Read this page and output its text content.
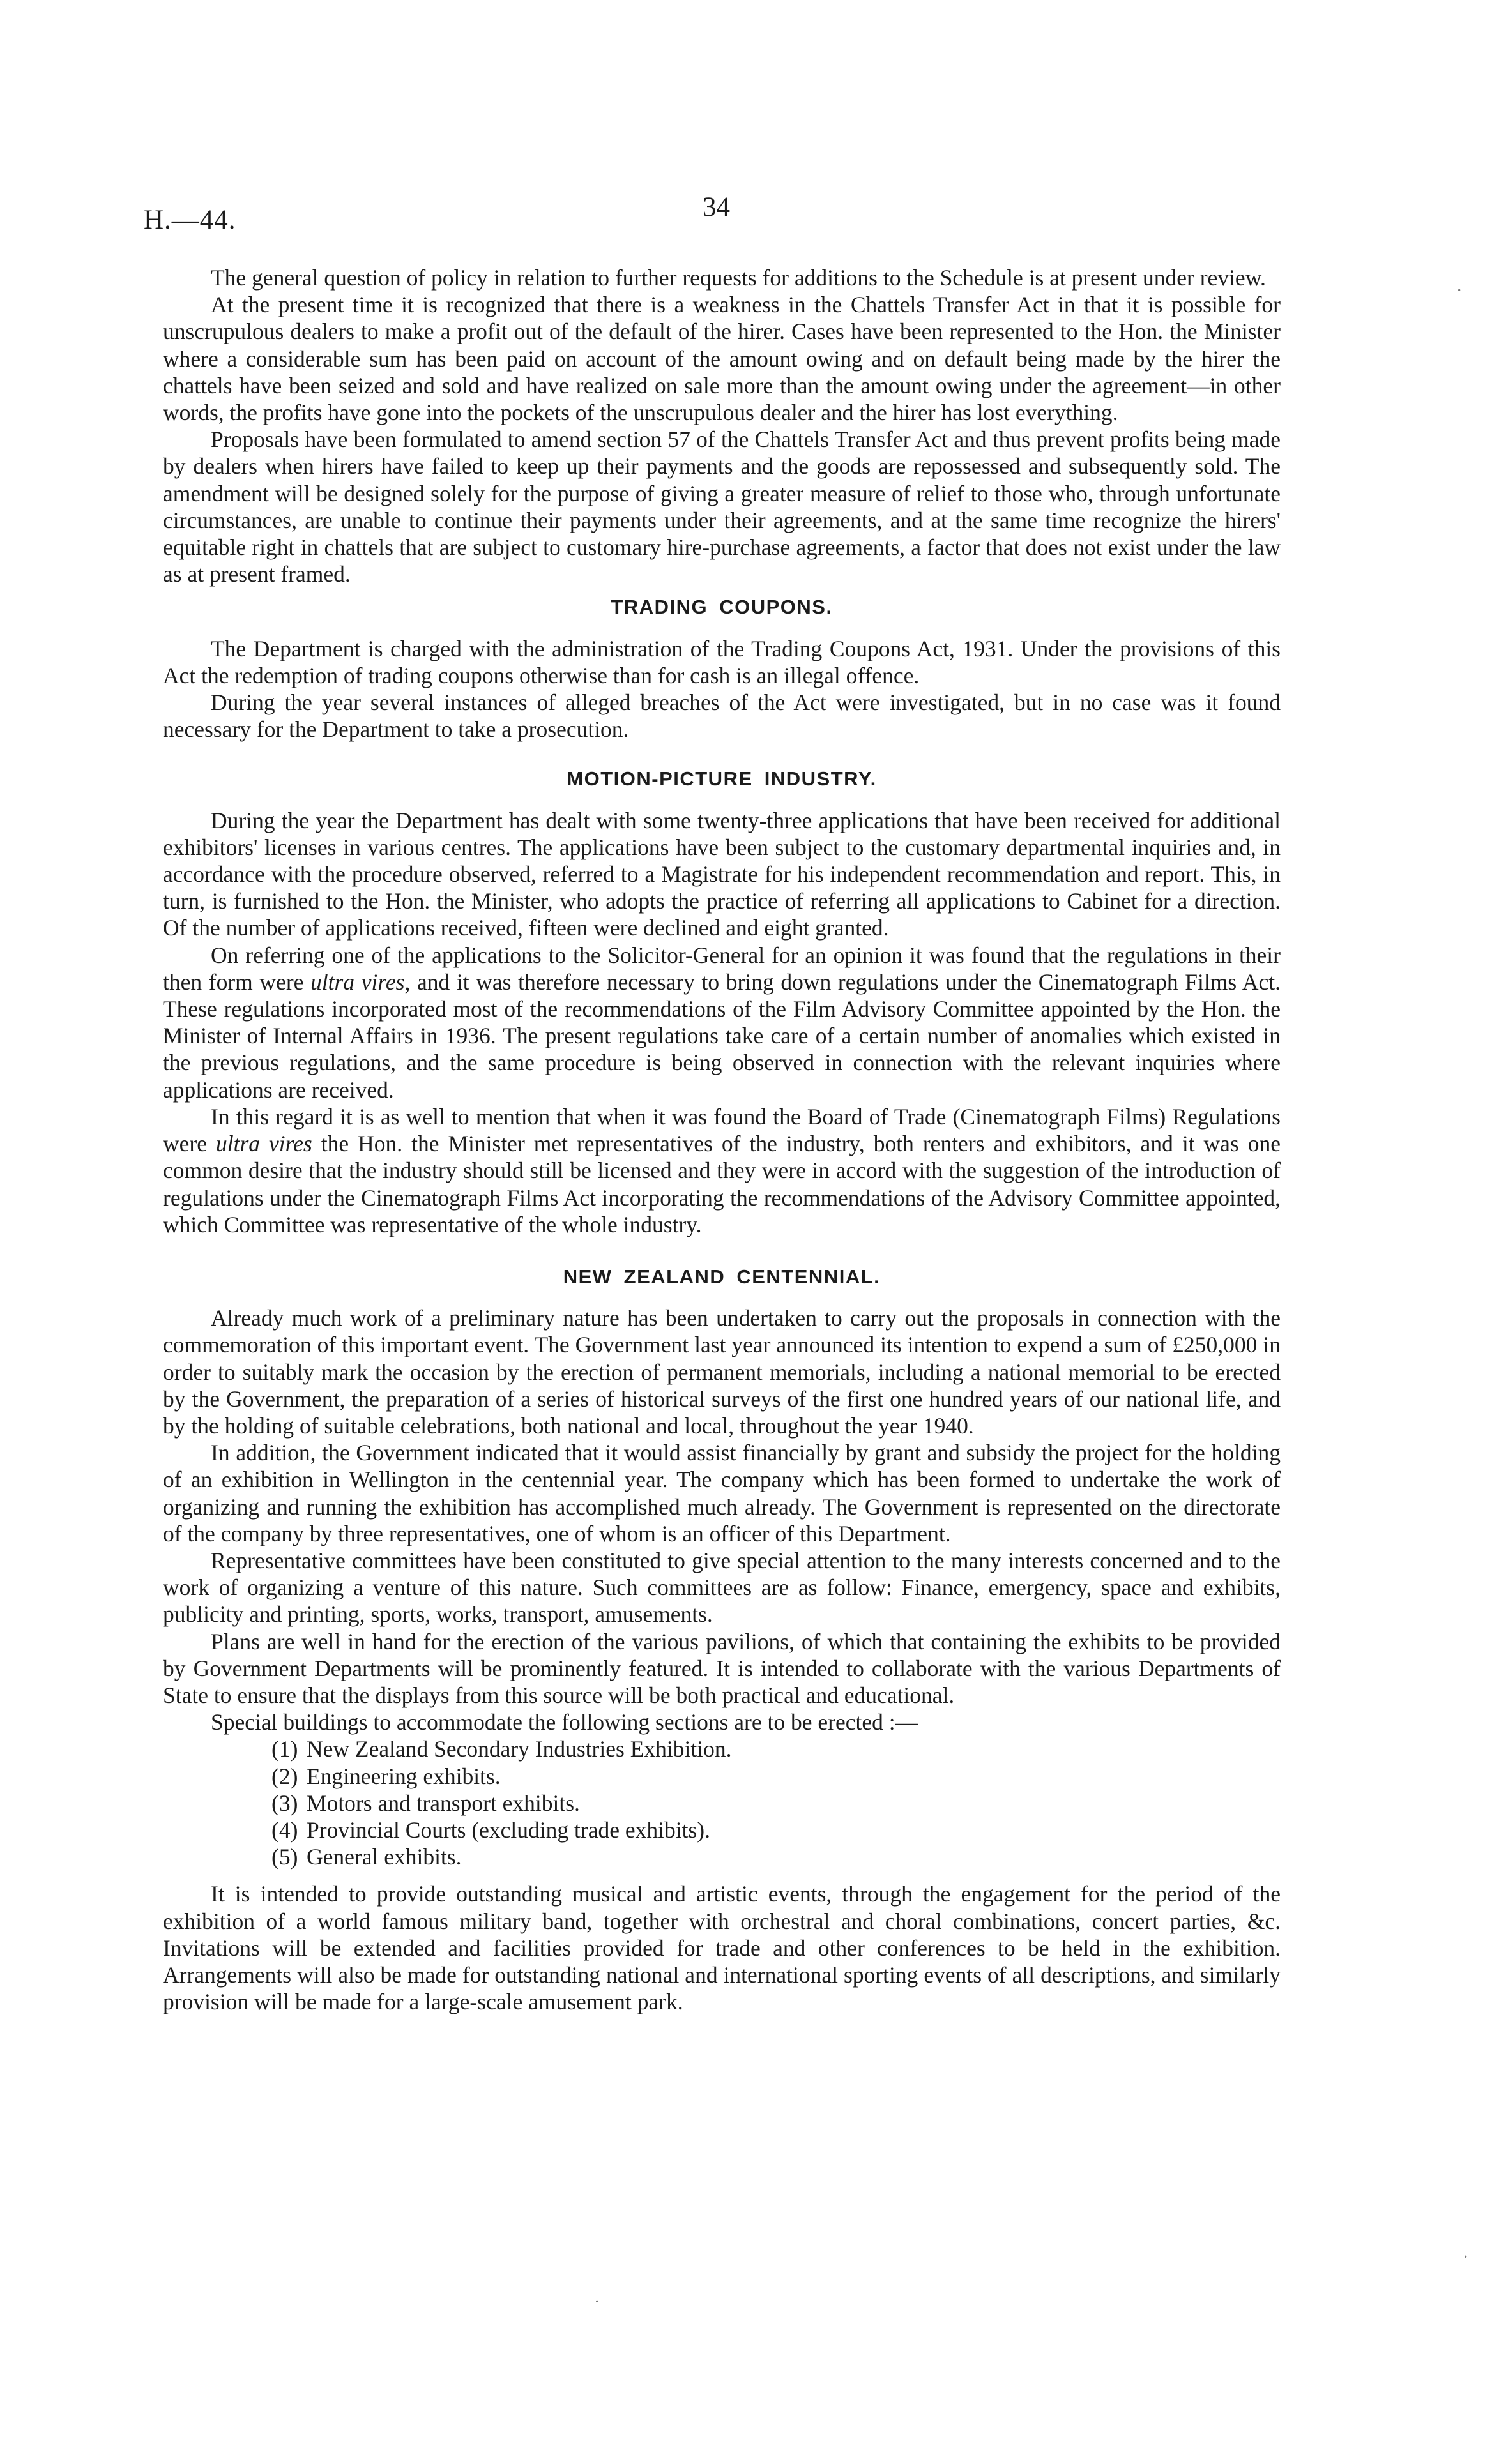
H.—44.	34

The general question of policy in relation to further requests for additions to the Schedule is at present under review.

At the present time it is recognized that there is a weakness in the Chattels Transfer Act in that it is possible for unscrupulous dealers to make a profit out of the default of the hirer. Cases have been represented to the Hon. the Minister where a considerable sum has been paid on account of the amount owing and on default being made by the hirer the chattels have been seized and sold and have realized on sale more than the amount owing under the agreement—in other words, the profits have gone into the pockets of the unscrupulous dealer and the hirer has lost everything.

Proposals have been formulated to amend section 57 of the Chattels Transfer Act and thus prevent profits being made by dealers when hirers have failed to keep up their payments and the goods are repossessed and subsequently sold. The amendment will be designed solely for the purpose of giving a greater measure of relief to those who, through unfortunate circumstances, are unable to continue their payments under their agreements, and at the same time recognize the hirers' equitable right in chattels that are subject to customary hire-purchase agreements, a factor that does not exist under the law as at present framed.

TRADING COUPONS.

The Department is charged with the administration of the Trading Coupons Act, 1931. Under the provisions of this Act the redemption of trading coupons otherwise than for cash is an illegal offence.

During the year several instances of alleged breaches of the Act were investigated, but in no case was it found necessary for the Department to take a prosecution.

MOTION-PICTURE INDUSTRY.

During the year the Department has dealt with some twenty-three applications that have been received for additional exhibitors' licenses in various centres. The applications have been subject to the customary departmental inquiries and, in accordance with the procedure observed, referred to a Magistrate for his independent recommendation and report. This, in turn, is furnished to the Hon. the Minister, who adopts the practice of referring all applications to Cabinet for a direction. Of the number of applications received, fifteen were declined and eight granted.

On referring one of the applications to the Solicitor-General for an opinion it was found that the regulations in their then form were ultra vires, and it was therefore necessary to bring down regulations under the Cinematograph Films Act. These regulations incorporated most of the recommendations of the Film Advisory Committee appointed by the Hon. the Minister of Internal Affairs in 1936. The present regulations take care of a certain number of anomalies which existed in the previous regulations, and the same procedure is being observed in connection with the relevant inquiries where applications are received.

In this regard it is as well to mention that when it was found the Board of Trade (Cinematograph Films) Regulations were ultra vires the Hon. the Minister met representatives of the industry, both renters and exhibitors, and it was one common desire that the industry should still be licensed and they were in accord with the suggestion of the introduction of regulations under the Cinematograph Films Act incorporating the recommendations of the Advisory Committee appointed, which Committee was representative of the whole industry.

NEW ZEALAND CENTENNIAL.

Already much work of a preliminary nature has been undertaken to carry out the proposals in connection with the commemoration of this important event. The Government last year announced its intention to expend a sum of £250,000 in order to suitably mark the occasion by the erection of permanent memorials, including a national memorial to be erected by the Government, the preparation of a series of historical surveys of the first one hundred years of our national life, and by the holding of suitable celebrations, both national and local, throughout the year 1940.

In addition, the Government indicated that it would assist financially by grant and subsidy the project for the holding of an exhibition in Wellington in the centennial year. The company which has been formed to undertake the work of organizing and running the exhibition has accomplished much already. The Government is represented on the directorate of the company by three representatives, one of whom is an officer of this Department.

Representative committees have been constituted to give special attention to the many interests concerned and to the work of organizing a venture of this nature. Such committees are as follow: Finance, emergency, space and exhibits, publicity and printing, sports, works, transport, amusements.

Plans are well in hand for the erection of the various pavilions, of which that containing the exhibits to be provided by Government Departments will be prominently featured. It is intended to collaborate with the various Departments of State to ensure that the displays from this source will be both practical and educational.

Special buildings to accommodate the following sections are to be erected :—

(1) New Zealand Secondary Industries Exhibition.
(2) Engineering exhibits.
(3) Motors and transport exhibits.
(4) Provincial Courts (excluding trade exhibits).
(5) General exhibits.

It is intended to provide outstanding musical and artistic events, through the engagement for the period of the exhibition of a world famous military band, together with orchestral and choral combinations, concert parties, &c. Invitations will be extended and facilities provided for trade and other conferences to be held in the exhibition. Arrangements will also be made for outstanding national and international sporting events of all descriptions, and similarly provision will be made for a large-scale amusement park.

·
·
·
